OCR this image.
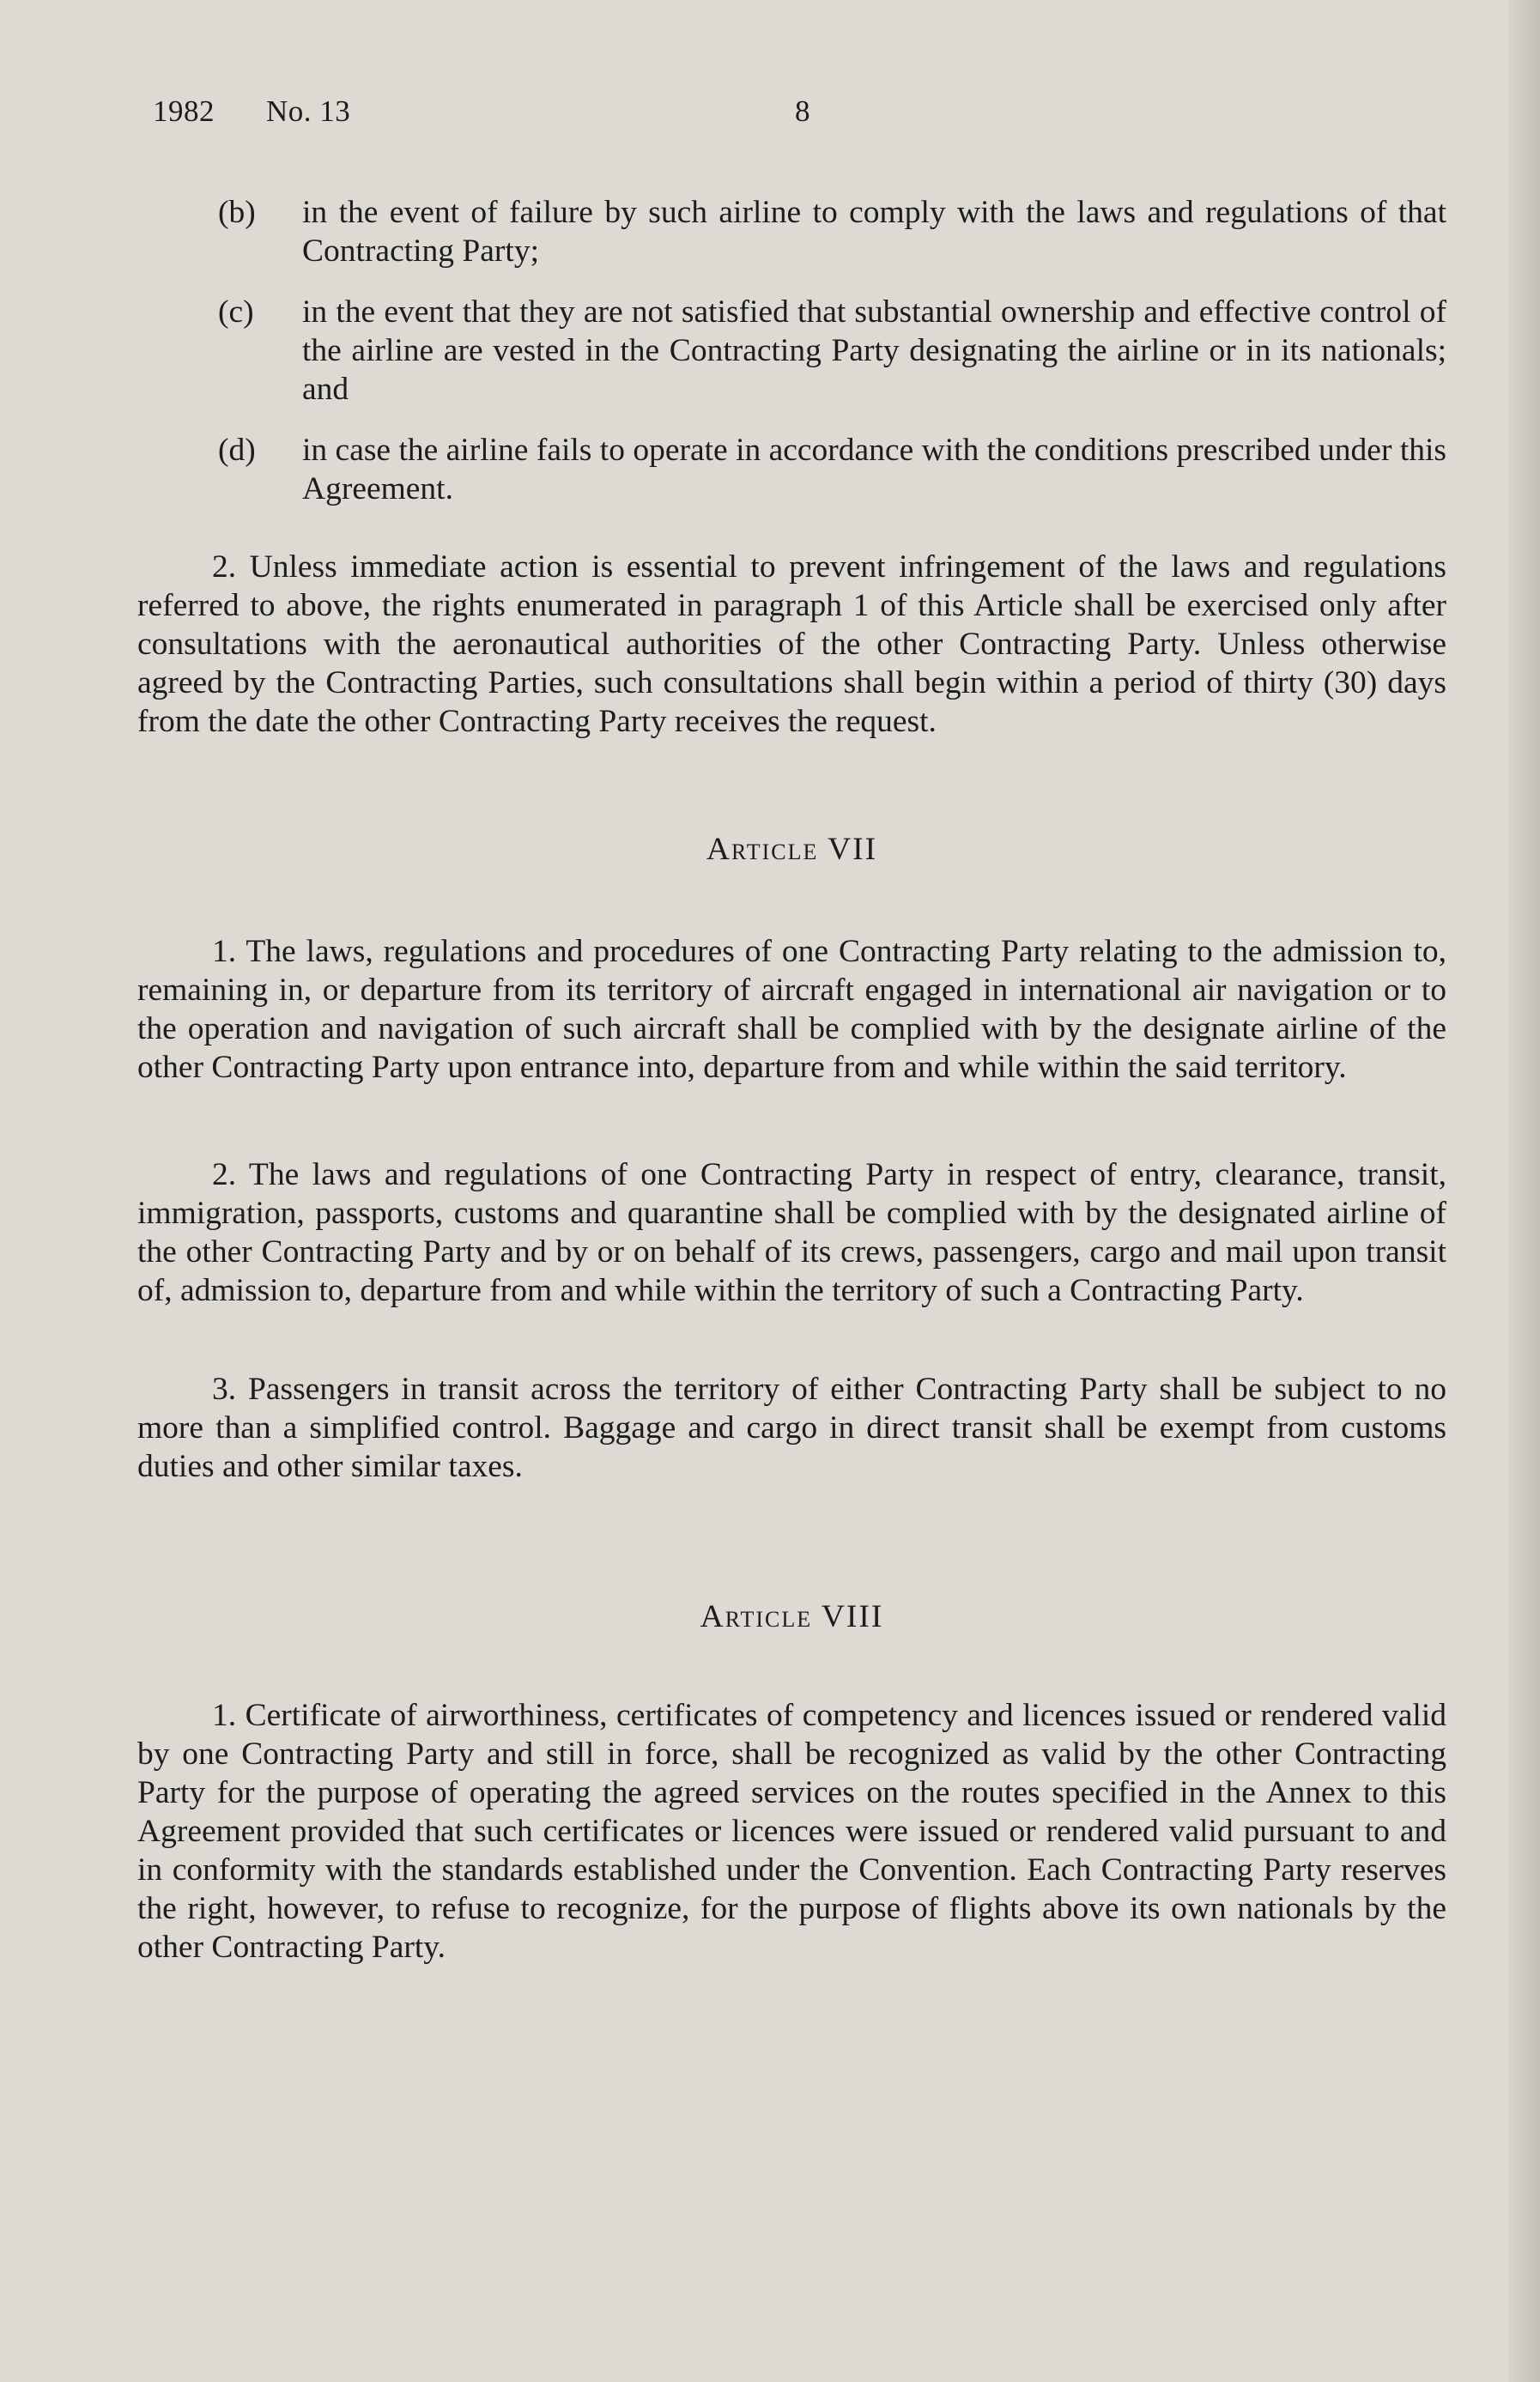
1982 No. 13	8
(b)	in the event of failure by such airline to comply with the laws and regulations of that Contracting Party;
(c)	in the event that they are not satisfied that substantial ownership and effective control of the airline are vested in the Contracting Party designating the airline or in its nationals; and
(d)	in case the airline fails to operate in accordance with the conditions prescribed under this Agreement.

2. Unless immediate action is essential to prevent infringement of the laws and regulations referred to above, the rights enumerated in paragraph 1 of this Article shall be exercised only after consultations with the aeronautical authorities of the other Contracting Party. Unless otherwise agreed by the Contracting Parties, such consultations shall begin within a period of thirty (30) days from the date the other Contracting Party receives the request.

Article VII

1. The laws, regulations and procedures of one Contracting Party relating to the admission to, remaining in, or departure from its territory of aircraft engaged in international air navigation or to the operation and navigation of such aircraft shall be complied with by the designate airline of the other Contracting Party upon entrance into, departure from and while within the said territory.

2. The laws and regulations of one Contracting Party in respect of entry, clearance, transit, immigration, passports, customs and quarantine shall be complied with by the designated airline of the other Contracting Party and by or on behalf of its crews, passengers, cargo and mail upon transit of, admission to, departure from and while within the territory of such a Contracting Party.

3. Passengers in transit across the territory of either Contracting Party shall be subject to no more than a simplified control. Baggage and cargo in direct transit shall be exempt from customs duties and other similar taxes.

Article VIII

1. Certificate of airworthiness, certificates of competency and licences issued or rendered valid by one Contracting Party and still in force, shall be recognized as valid by the other Contracting Party for the purpose of operating the agreed services on the routes specified in the Annex to this Agreement provided that such certificates or licences were issued or rendered valid pursuant to and in conformity with the standards established under the Convention. Each Contracting Party reserves the right, however, to refuse to recognize, for the purpose of flights above its own nationals by the other Contracting Party.
